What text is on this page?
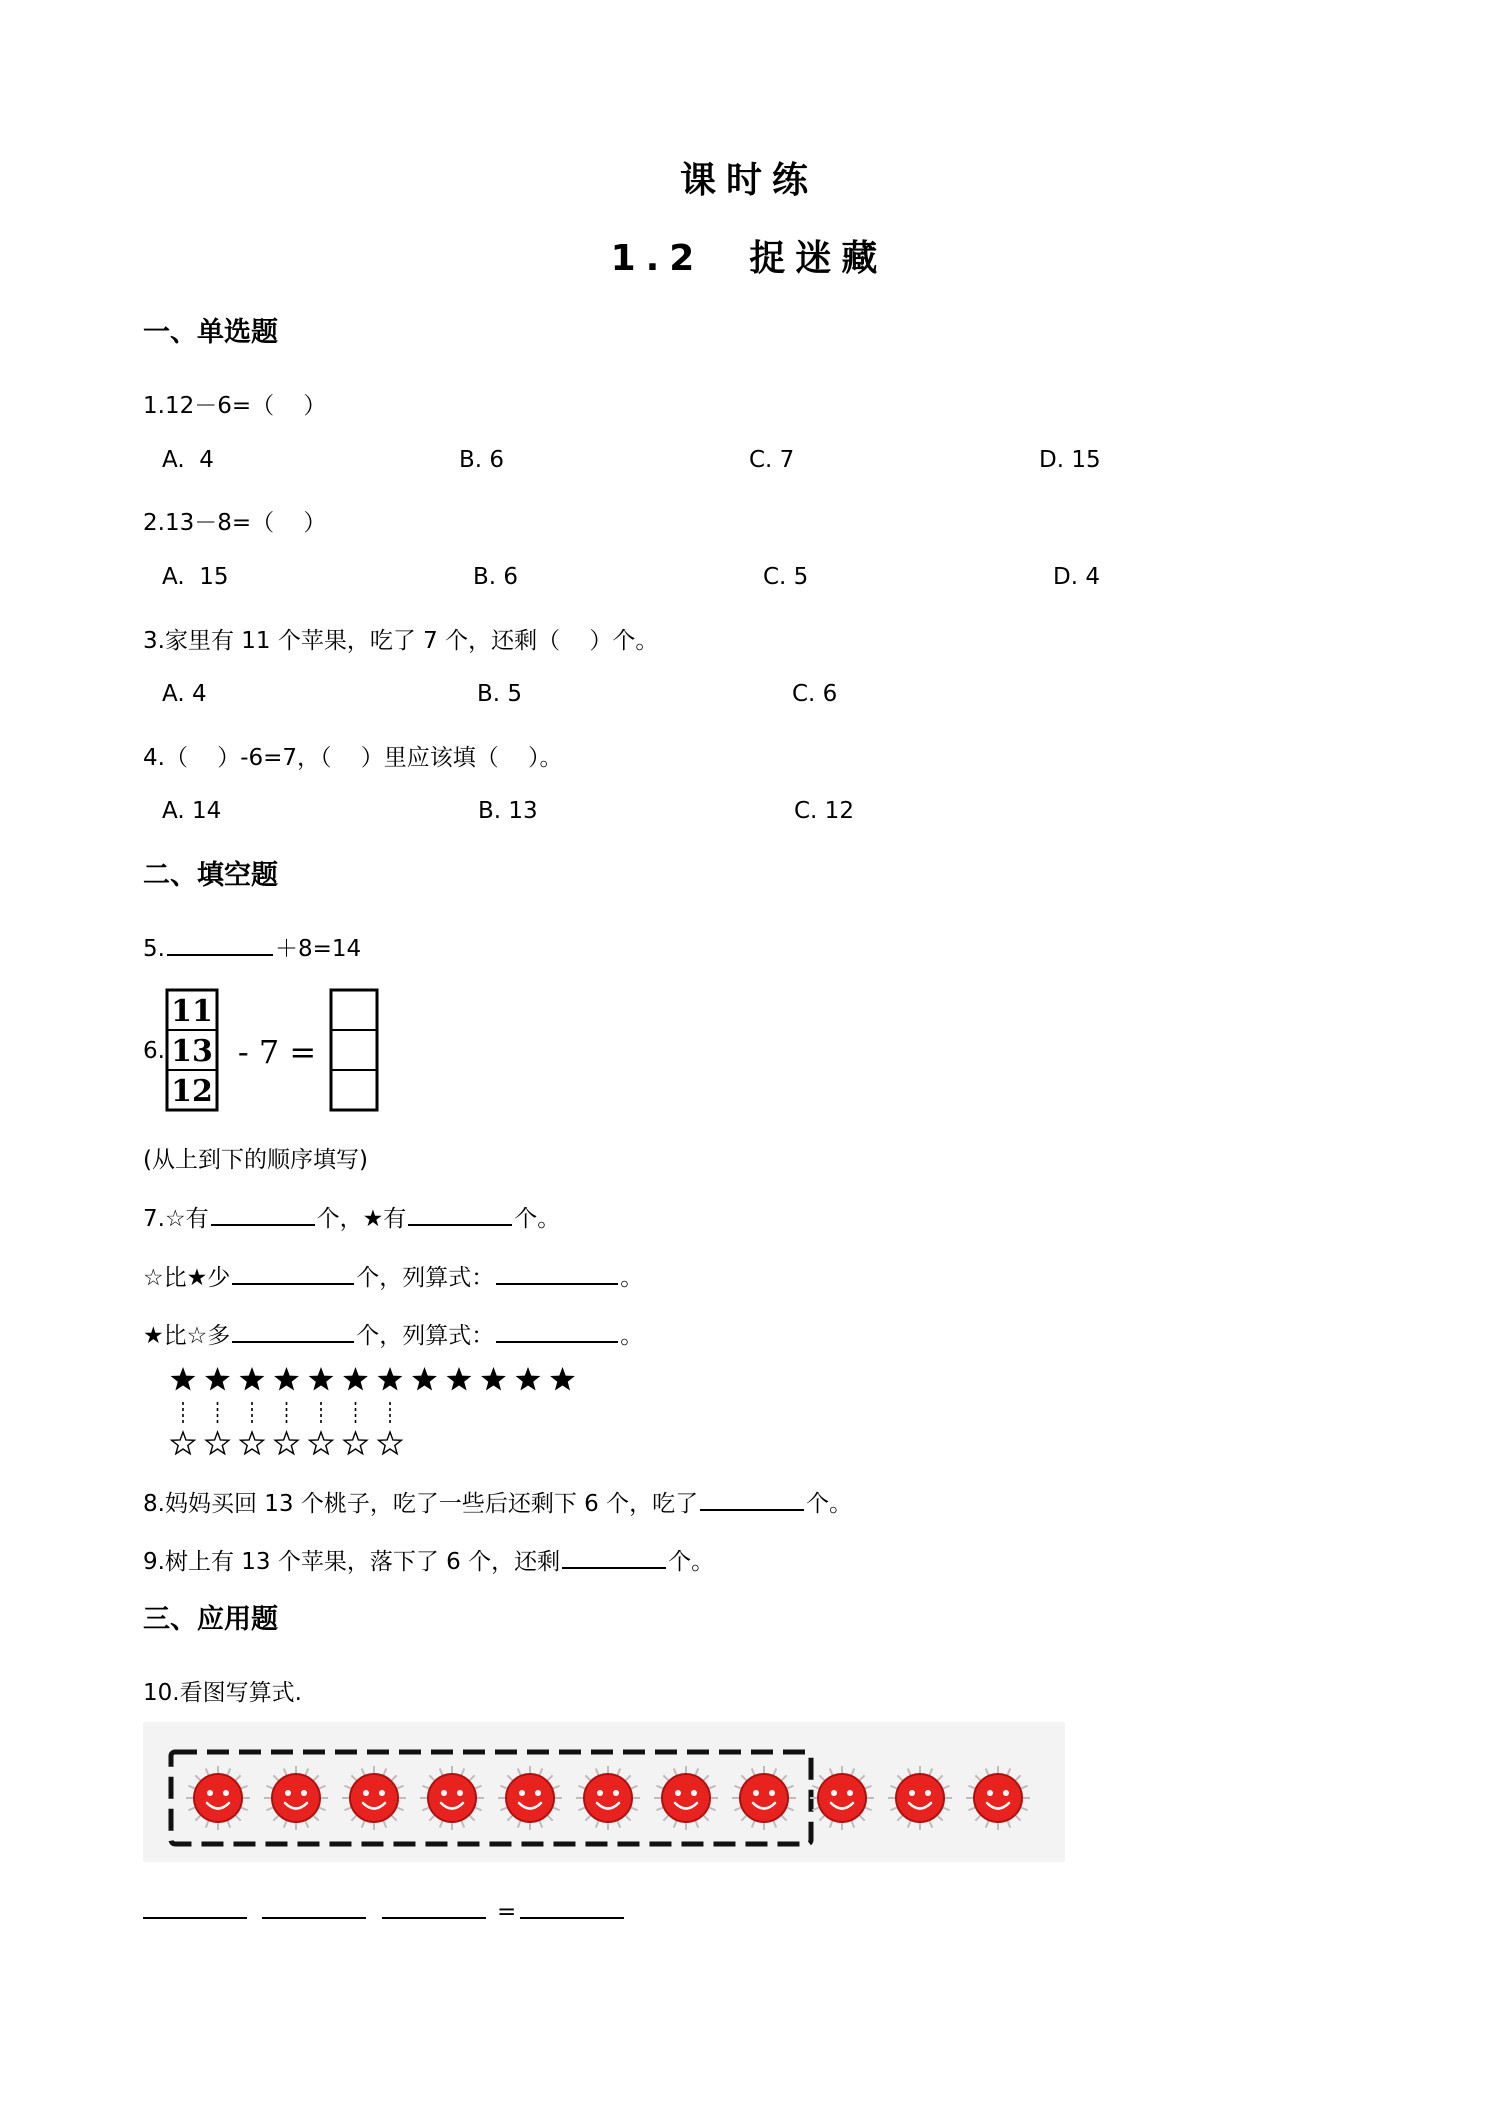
课时练
1.2  捉迷藏
一、单选题
1.12－6=（    ）
A.  4	B. 6	C. 7	D. 15
2.13－8=（    ）
A.  15	B. 6	C. 5	D. 4
3.家里有 11 个苹果，吃了 7 个，还剩（    ）个。
A. 4	B. 5	C. 6
4.（    ）-6=7，（    ）里应该填（    ）。
A. 14	B. 13	C. 12
二、填空题
5.	＋8=14
6.
11
13
12
- 7 =
(从上到下的顺序填写)
7.☆有	个，★有	个。
☆比★少	个，列算式：	。
★比☆多	个，列算式：	。
8.妈妈买回 13 个桃子，吃了一些后还剩下 6 个，吃了	个。
9.树上有 13 个苹果，落下了 6 个，还剩	个。
三、应用题
10.看图写算式.
=
